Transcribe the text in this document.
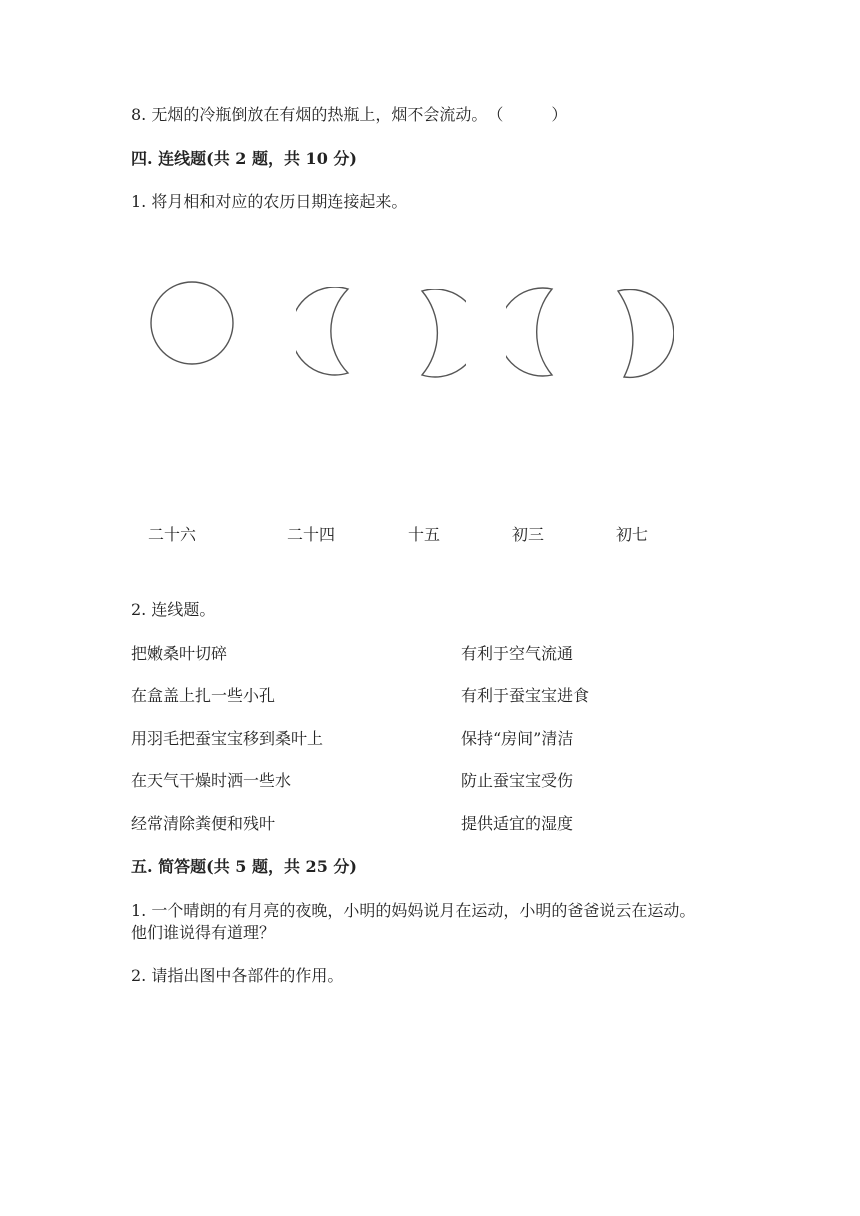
8. 无烟的冷瓶倒放在有烟的热瓶上，烟不会流动。（　　　）
四. 连线题(共 2 题，共 10 分)
1. 将月相和对应的农历日期连接起来。
二十六	二十四	十五	初三	初七
2. 连线题。
把嫩桑叶切碎	有利于空气流通
在盒盖上扎一些小孔	有利于蚕宝宝进食
用羽毛把蚕宝宝移到桑叶上	保持“房间”清洁
在天气干燥时洒一些水	防止蚕宝宝受伤
经常清除粪便和残叶	提供适宜的湿度
五. 简答题(共 5 题，共 25 分)
1. 一个晴朗的有月亮的夜晚，小明的妈妈说月在运动，小明的爸爸说云在运动。
他们谁说得有道理？
2. 请指出图中各部件的作用。
